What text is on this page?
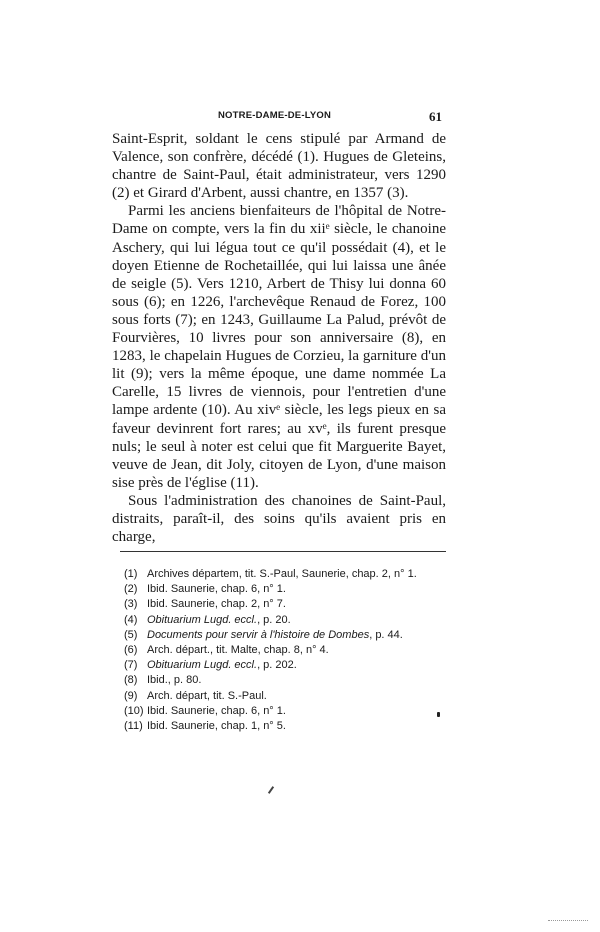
NOTRE-DAME-DE-LYON	61

Saint-Esprit, soldant le cens stipulé par Armand de Valence, son confrère, décédé (1). Hugues de Gleteins, chantre de Saint-Paul, était administrateur, vers 1290 (2) et Girard d'Arbent, aussi chantre, en 1357 (3).

Parmi les anciens bienfaiteurs de l'hôpital de Notre-Dame on compte, vers la fin du xiiᵉ siècle, le chanoine Aschery, qui lui légua tout ce qu'il possédait (4), et le doyen Etienne de Rochetaillée, qui lui laissa une ânée de seigle (5). Vers 1210, Arbert de Thisy lui donna 60 sous (6); en 1226, l'archevêque Renaud de Forez, 100 sous forts (7); en 1243, Guillaume La Palud, prévôt de Fourvières, 10 livres pour son anniversaire (8), en 1283, le chapelain Hugues de Corzieu, la garniture d'un lit (9); vers la même époque, une dame nommée La Carelle, 15 livres de viennois, pour l'entretien d'une lampe ardente (10). Au xivᵉ siècle, les legs pieux en sa faveur devinrent fort rares; au xvᵉ, ils furent presque nuls; le seul à noter est celui que fit Marguerite Bayet, veuve de Jean, dit Joly, citoyen de Lyon, d'une maison sise près de l'église (11).

Sous l'administration des chanoines de Saint-Paul, distraits, paraît-il, des soins qu'ils avaient pris en charge,

(1) Archives départem, tit. S.-Paul, Saunerie, chap. 2, n° 1.
(2) Ibid. Saunerie, chap. 6, n° 1.
(3) Ibid. Saunerie, chap. 2, n° 7.
(4) Obituarium Lugd. eccl., p. 20.
(5) Documents pour servir à l'histoire de Dombes, p. 44.
(6) Arch. départ., tit. Malte, chap. 8, n° 4.
(7) Obituarium Lugd. eccl., p. 202.
(8) Ibid., p. 80.
(9) Arch. départ, tit. S.-Paul.
(10) Ibid. Saunerie, chap. 6, n° 1.
(11) Ibid. Saunerie, chap. 1, n° 5.
